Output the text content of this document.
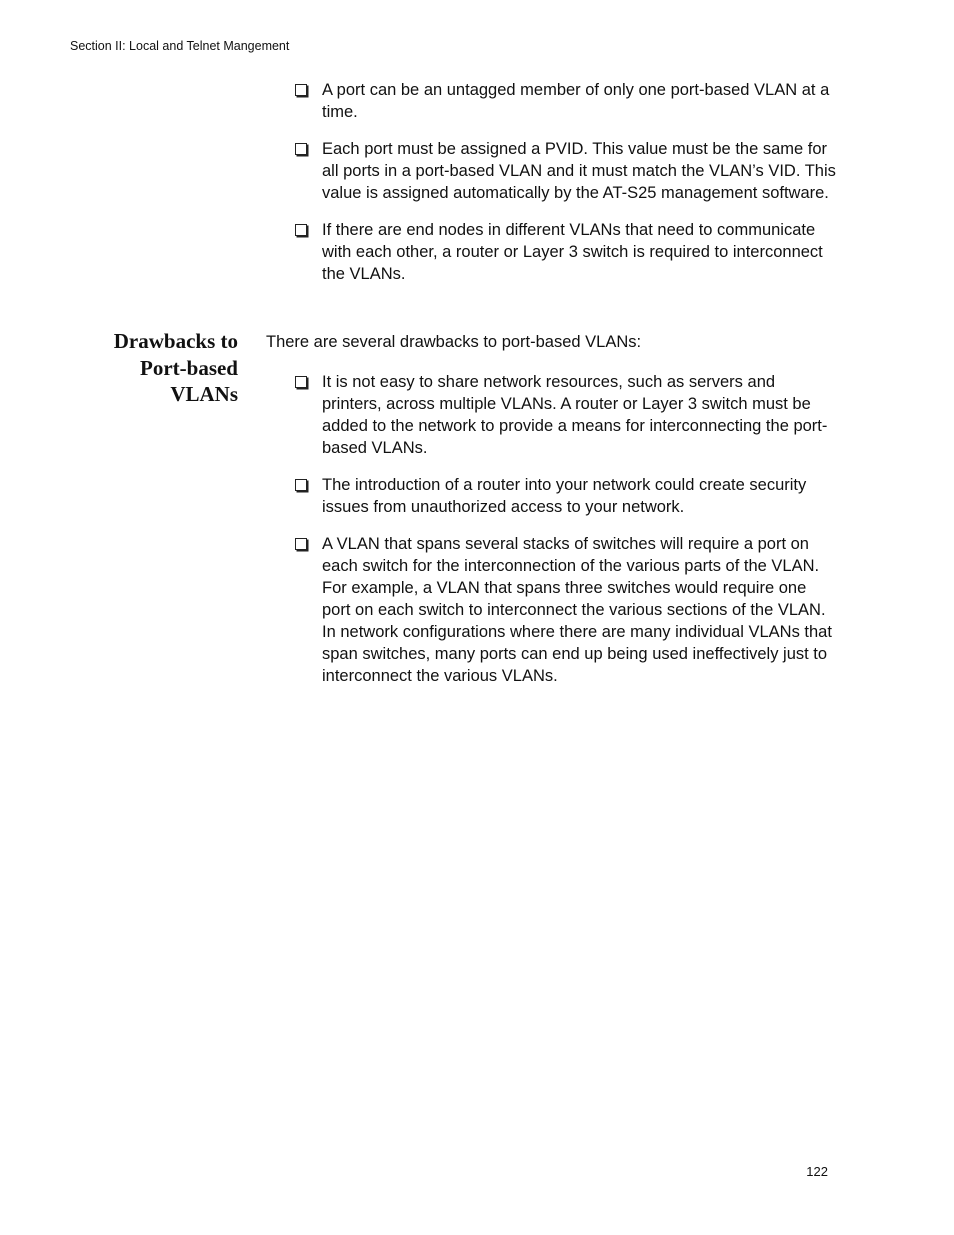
Section II: Local and Telnet Mangement
A port can be an untagged member of only one port-based VLAN at a time.
Each port must be assigned a PVID. This value must be the same for all ports in a port-based VLAN and it must match the VLAN’s VID. This value is assigned automatically by the AT-S25 management software.
If there are end nodes in different VLANs that need to communicate with each other, a router or Layer 3 switch is required to interconnect the VLANs.
Drawbacks to
Port-based
VLANs

There are several drawbacks to port-based VLANs:

It is not easy to share network resources, such as servers and printers, across multiple VLANs. A router or Layer 3 switch must be added to the network to provide a means for interconnecting the port-based VLANs.
The introduction of a router into your network could create security issues from unauthorized access to your network.
A VLAN that spans several stacks of switches will require a port on each switch for the interconnection of the various parts of the VLAN. For example, a VLAN that spans three switches would require one port on each switch to interconnect the various sections of the VLAN. In network configurations where there are many individual VLANs that span switches, many ports can end up being used ineffectively just to interconnect the various VLANs.
122
